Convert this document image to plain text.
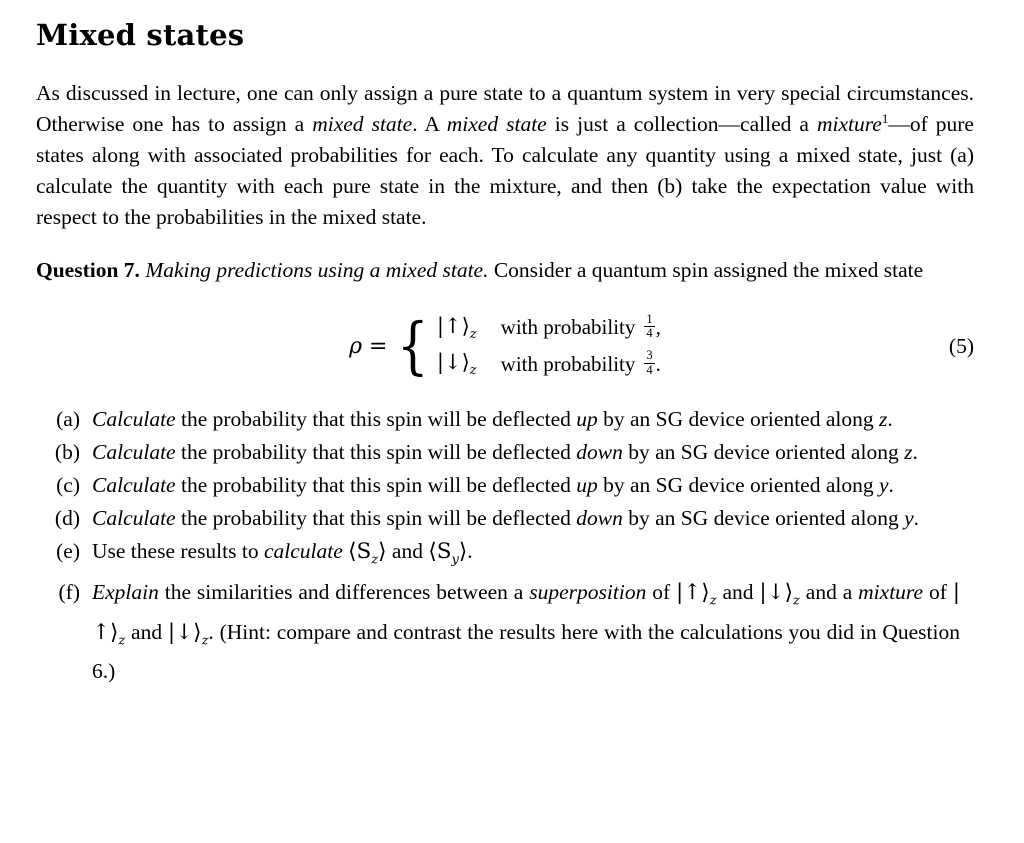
Mixed states

As discussed in lecture, one can only assign a pure state to a quantum system in very special circumstances. Otherwise one has to assign a mixed state. A mixed state is just a collection—called a mixture$^1$—of pure states along with associated probabilities for each. To calculate any quantity using a mixed state, just (a) calculate the quantity with each pure state in the mixture, and then (b) take the expectation value with respect to the probabilities in the mixed state.

Question 7. Making predictions using a mixed state. Consider a quantum spin assigned the mixed state

ρ = { $|↑⟩_z$	with probability $\frac{1}{4}$ ,
$|↓⟩_z$	with probability $\frac{3}{4}$ .
(5)
(a) Calculate the probability that this spin will be deflected up by an SG device oriented along z.
(b) Calculate the probability that this spin will be deflected down by an SG device oriented along z.
(c) Calculate the probability that this spin will be deflected up by an SG device oriented along y.
(d) Calculate the probability that this spin will be deflected down by an SG device oriented along y.
(e) Use these results to calculate $⟨S_z⟩$ and $⟨S_y⟩$.
(f) Explain the similarities and differences between a superposition of $|↑⟩_z$ and $|↓⟩_z$ and a mixture of $|↑⟩_z$ and $|↓⟩_z$. (Hint: compare and contrast the results here with the calculations you did in Question 6.)
